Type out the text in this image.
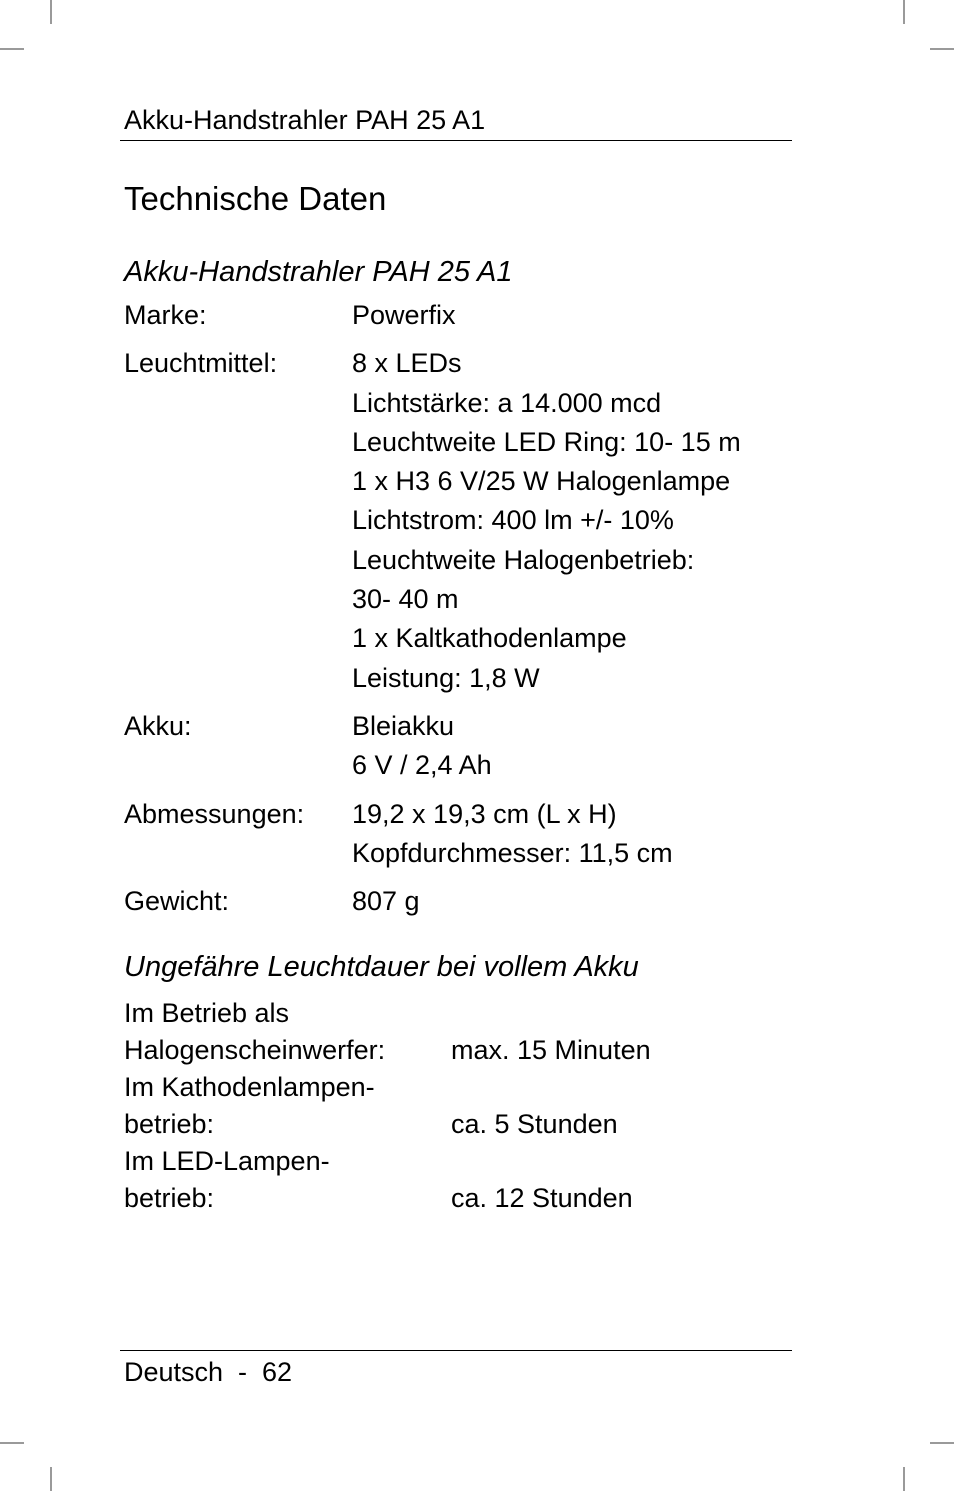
Akku-Handstrahler PAH 25 A1
Technische Daten
Akku-Handstrahler PAH 25 A1
Marke:	Powerfix
Leuchtmittel:	8 x LEDs
Lichtstärke: a 14.000 mcd
Leuchtweite LED Ring: 10- 15 m
1 x H3 6 V/25 W Halogenlampe
Lichtstrom: 400 lm +/- 10%
Leuchtweite Halogenbetrieb:
30- 40 m
1 x Kaltkathodenlampe
Leistung: 1,8 W
Akku:	Bleiakku
6 V / 2,4 Ah
Abmessungen:	19,2 x 19,3 cm (L x H)
Kopfdurchmesser: 11,5 cm
Gewicht:	807 g
Ungefähre Leuchtdauer bei vollem Akku
Im Betrieb als
Halogenscheinwerfer:	max. 15 Minuten
Im Kathodenlampen-
betrieb:	ca. 5 Stunden
Im LED-Lampen-
betrieb:	ca. 12 Stunden
Deutsch  -  62
